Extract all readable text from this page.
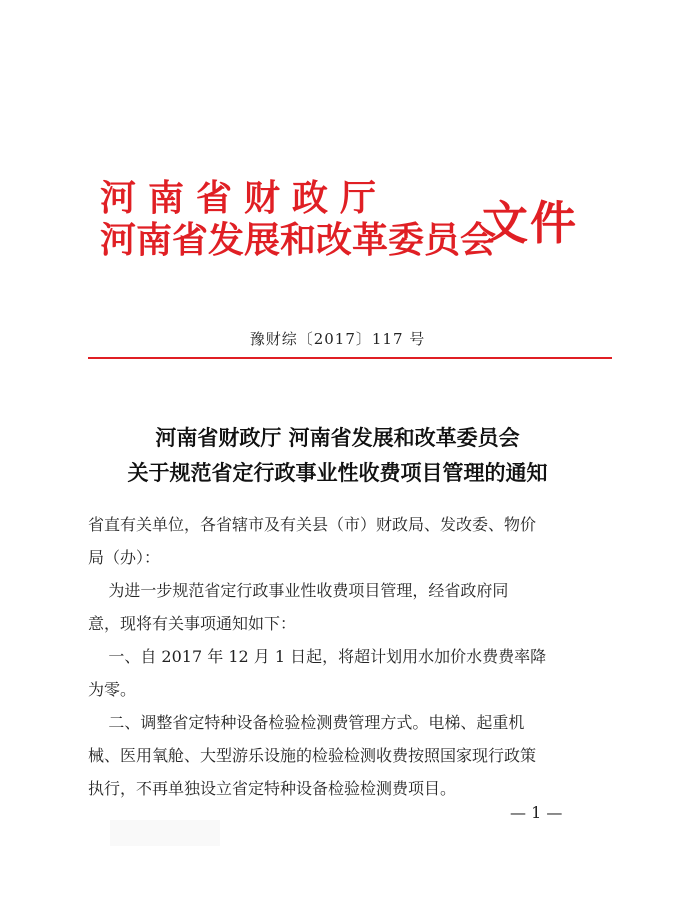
河南省财政厅
河南省发展和改革委员会
文件
豫财综〔2017〕117 号
河南省财政厅 河南省发展和改革委员会
关于规范省定行政事业性收费项目管理的通知
省直有关单位，各省辖市及有关县（市）财政局、发改委、物价
局（办）：
为进一步规范省定行政事业性收费项目管理，经省政府同
意，现将有关事项通知如下：
一、自 2017 年 12 月 1 日起，将超计划用水加价水费费率降
为零。
二、调整省定特种设备检验检测费管理方式。电梯、起重机
械、医用氧舱、大型游乐设施的检验检测收费按照国家现行政策
执行，不再单独设立省定特种设备检验检测费项目。
— 1 —
